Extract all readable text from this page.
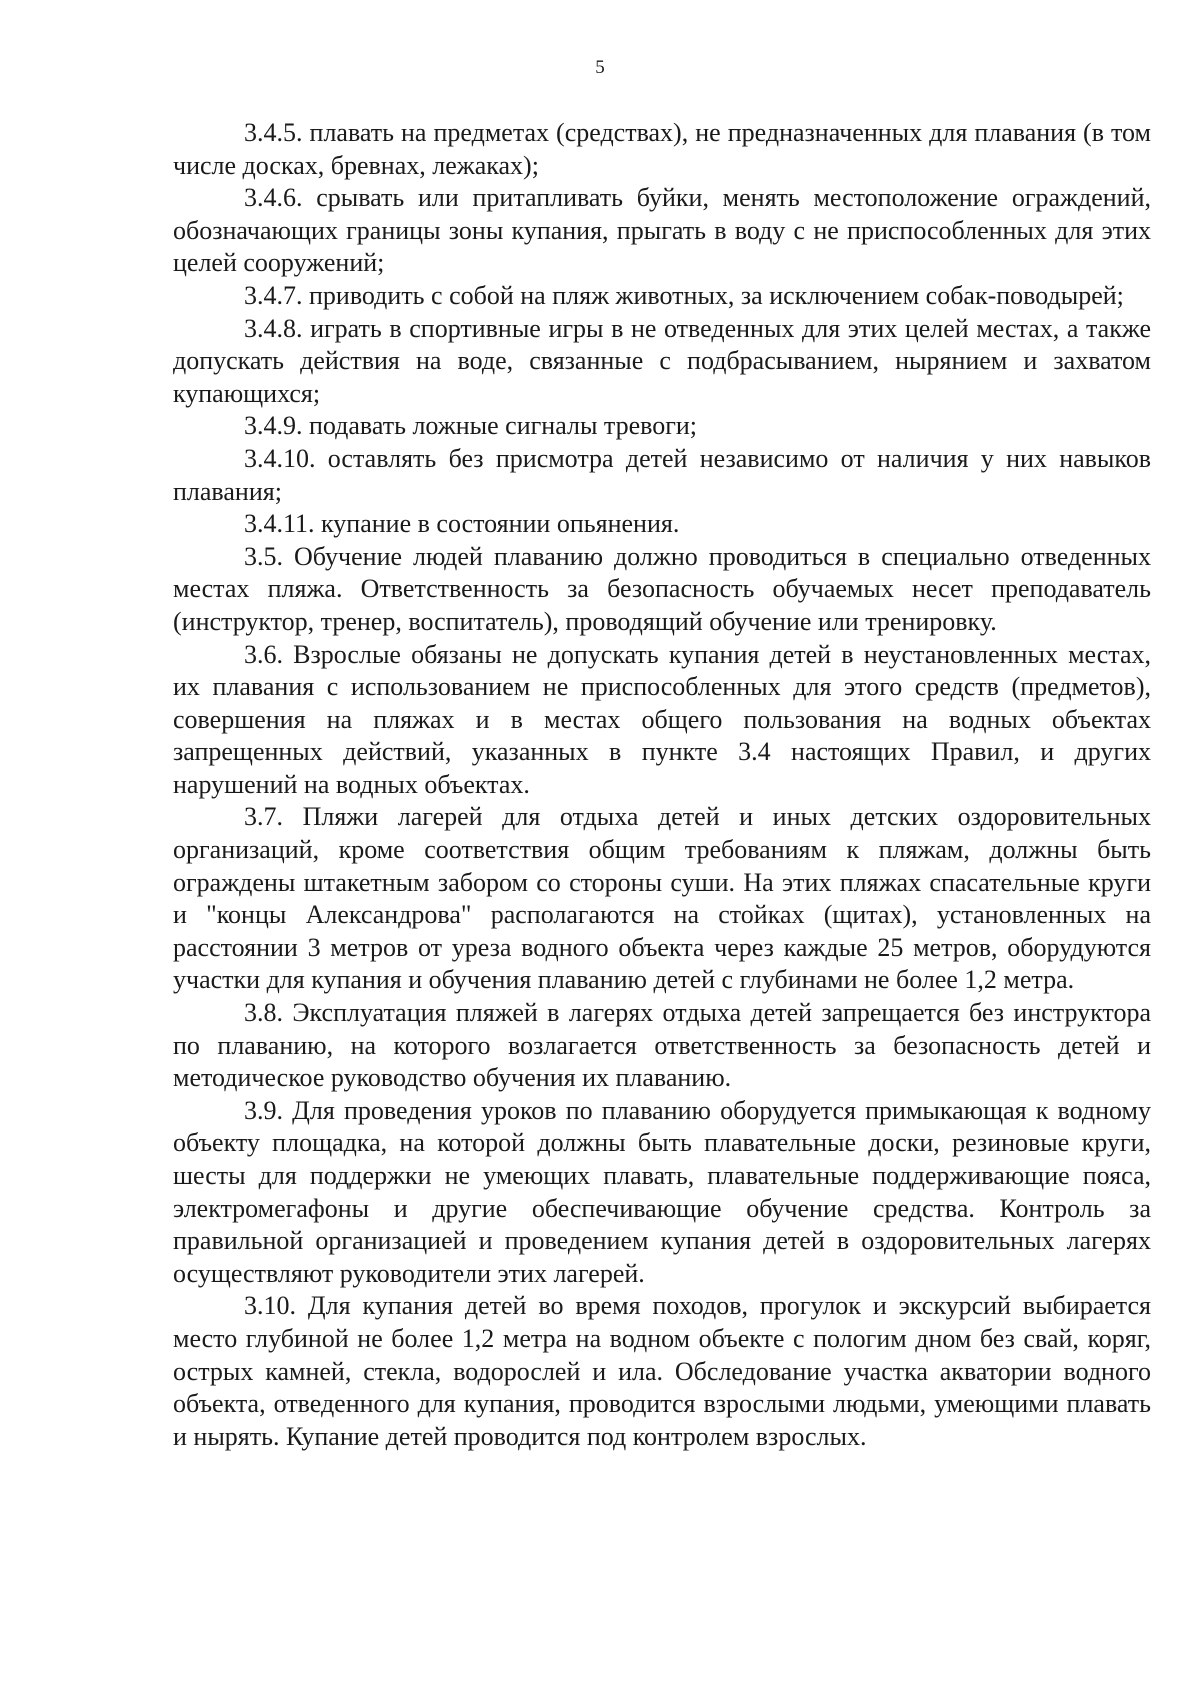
5

3.4.5. плавать на предметах (средствах), не предназначенных для плавания (в том числе досках, бревнах, лежаках);

3.4.6. срывать или притапливать буйки, менять местоположение ограждений, обозначающих границы зоны купания, прыгать в воду с не приспособленных для этих целей сооружений;

3.4.7. приводить с собой на пляж животных, за исключением собак-поводырей;

3.4.8. играть в спортивные игры в не отведенных для этих целей местах, а также допускать действия на воде, связанные с подбрасыванием, нырянием и захватом купающихся;

3.4.9. подавать ложные сигналы тревоги;

3.4.10. оставлять без присмотра детей независимо от наличия у них навыков плавания;

3.4.11. купание в состоянии опьянения.

3.5. Обучение людей плаванию должно проводиться в специально отведенных местах пляжа. Ответственность за безопасность обучаемых несет преподаватель (инструктор, тренер, воспитатель), проводящий обучение или тренировку.

3.6. Взрослые обязаны не допускать купания детей в неустановленных местах, их плавания с использованием не приспособленных для этого средств (предметов), совершения на пляжах и в местах общего пользования на водных объектах запрещенных действий, указанных в пункте 3.4 настоящих Правил, и других нарушений на водных объектах.

3.7. Пляжи лагерей для отдыха детей и иных детских оздоровительных организаций, кроме соответствия общим требованиям к пляжам, должны быть ограждены штакетным забором со стороны суши. На этих пляжах спасательные круги и "концы Александрова" располагаются на стойках (щитах), установленных на расстоянии 3 метров от уреза водного объекта через каждые 25 метров, оборудуются участки для купания и обучения плаванию детей с глубинами не более 1,2 метра.

3.8. Эксплуатация пляжей в лагерях отдыха детей запрещается без инструктора по плаванию, на которого возлагается ответственность за безопасность детей и методическое руководство обучения их плаванию.

3.9. Для проведения уроков по плаванию оборудуется примыкающая к водному объекту площадка, на которой должны быть плавательные доски, резиновые круги, шесты для поддержки не умеющих плавать, плавательные поддерживающие пояса, электромегафоны и другие обеспечивающие обучение средства. Контроль за правильной организацией и проведением купания детей в оздоровительных лагерях осуществляют руководители этих лагерей.

3.10. Для купания детей во время походов, прогулок и экскурсий выбирается место глубиной не более 1,2 метра на водном объекте с пологим дном без свай, коряг, острых камней, стекла, водорослей и ила. Обследование участка акватории водного объекта, отведенного для купания, проводится взрослыми людьми, умеющими плавать и нырять. Купание детей проводится под контролем взрослых.
